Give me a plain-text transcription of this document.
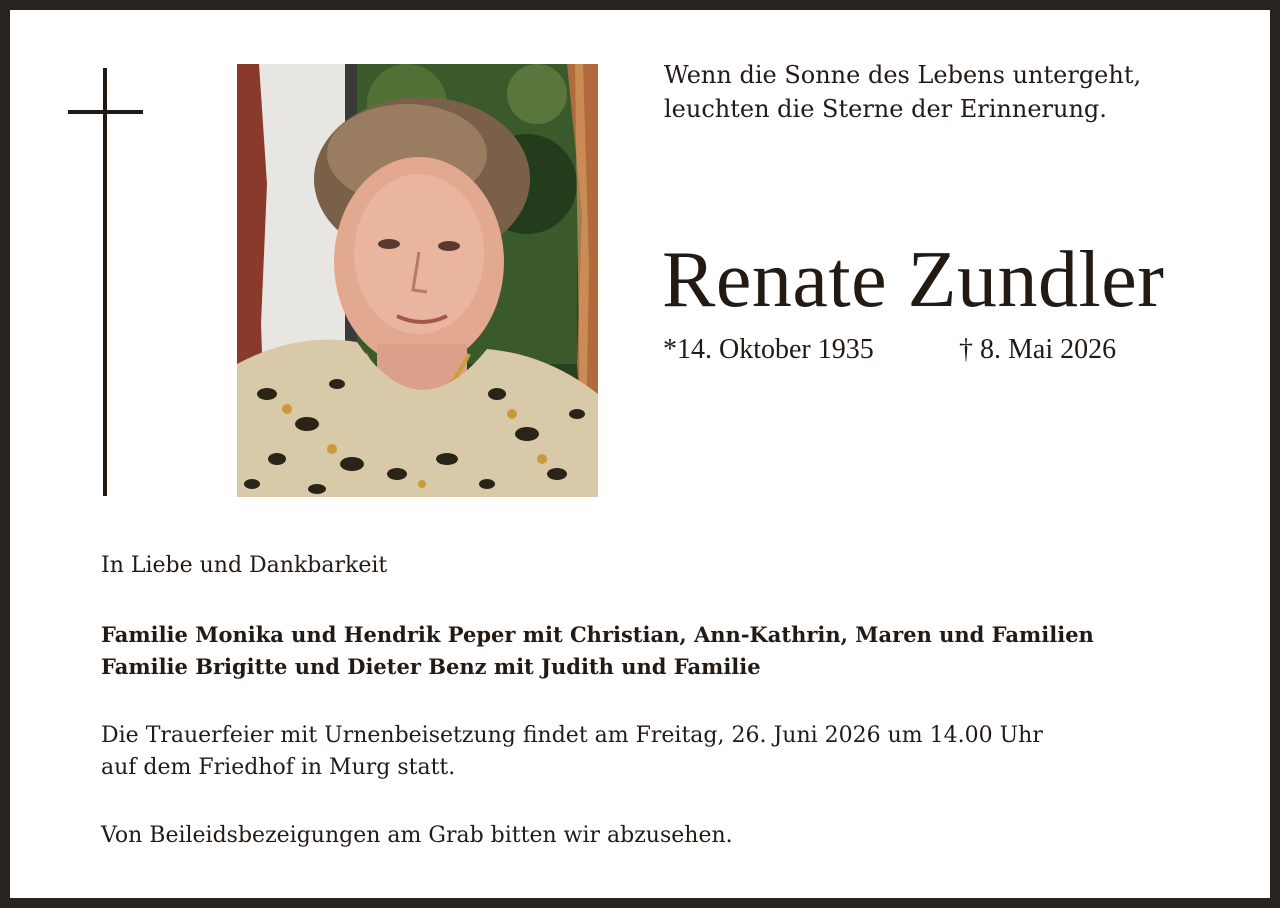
Wenn die Sonne des Lebens untergeht,
leuchten die Sterne der Erinnerung.
Renate Zundler
*14. Oktober 1935	† 8. Mai 2026
In Liebe und Dankbarkeit
Familie Monika und Hendrik Peper mit Christian, Ann-Kathrin, Maren und Familien
Familie Brigitte und Dieter Benz mit Judith und Familie
Die Trauerfeier mit Urnenbeisetzung findet am Freitag, 26. Juni 2026 um 14.00 Uhr
auf dem Friedhof in Murg statt.
Von Beileidsbezeigungen am Grab bitten wir abzusehen.
